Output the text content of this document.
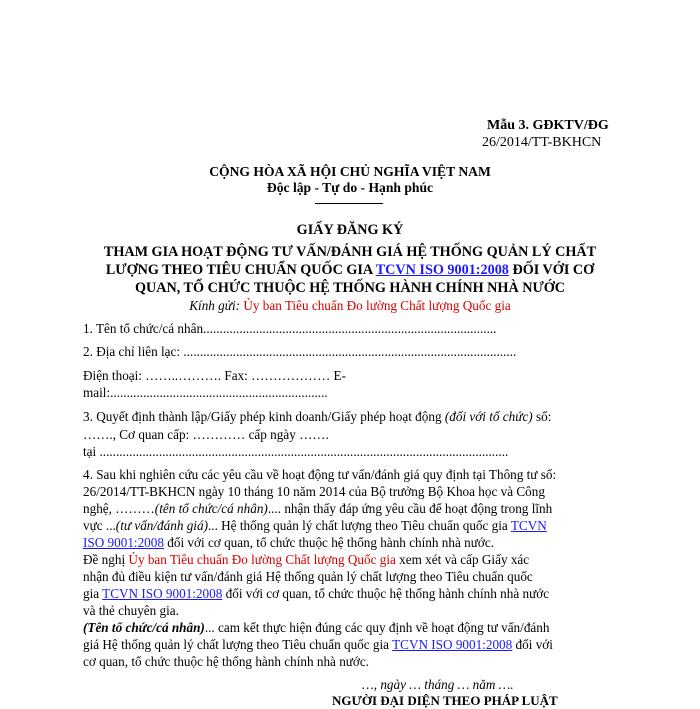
Mẫu 3. GĐKTV/ĐG
26/2014/TT-BKHCN
CỘNG HÒA XÃ HỘI CHỦ NGHĨA VIỆT NAM
Độc lập - Tự do - Hạnh phúc
GIẤY ĐĂNG KÝ
THAM GIA HOẠT ĐỘNG TƯ VẤN/ĐÁNH GIÁ HỆ THỐNG QUẢN LÝ CHẤT
LƯỢNG THEO TIÊU CHUẨN QUỐC GIA TCVN ISO 9001:2008 ĐỐI VỚI CƠ
QUAN, TỔ CHỨC THUỘC HỆ THỐNG HÀNH CHÍNH NHÀ NƯỚC
Kính gửi: Ủy ban Tiêu chuẩn Đo lường Chất lượng Quốc gia
1. Tên tổ chức/cá nhân.........................................................................................
2. Địa chỉ liên lạc: .....................................................................................................
Điện thoại: ……..………. Fax: ……………… E-
mail:..................................................................
3. Quyết định thành lập/Giấy phép kinh doanh/Giấy phép hoạt động (đối với tổ chức) số:
……., Cơ quan cấp: ………… cấp ngày …….
tại ............................................................................................................................
4. Sau khi nghiên cứu các yêu cầu về hoạt động tư vấn/đánh giá quy định tại Thông tư số:
26/2014/TT-BKHCN ngày 10 tháng 10 năm 2014 của Bộ trưởng Bộ Khoa học và Công
nghệ, ………(tên tổ chức/cá nhân).... nhận thấy đáp ứng yêu cầu để hoạt động trong lĩnh
vực ...(tư vấn/đánh giá)... Hệ thống quản lý chất lượng theo Tiêu chuẩn quốc gia TCVN
ISO 9001:2008 đối với cơ quan, tổ chức thuộc hệ thống hành chính nhà nước.
Đề nghị Ủy ban Tiêu chuẩn Đo lường Chất lượng Quốc gia xem xét và cấp Giấy xác
nhận đủ điều kiện tư vấn/đánh giá Hệ thống quản lý chất lượng theo Tiêu chuẩn quốc
gia TCVN ISO 9001:2008 đối với cơ quan, tổ chức thuộc hệ thống hành chính nhà nước
và thẻ chuyên gia.
(Tên tổ chức/cá nhân)... cam kết thực hiện đúng các quy định về hoạt động tư vấn/đánh
giá Hệ thống quản lý chất lượng theo Tiêu chuẩn quốc gia TCVN ISO 9001:2008 đối với
cơ quan, tổ chức thuộc hệ thống hành chính nhà nước.
…, ngày … tháng … năm ….
NGƯỜI ĐẠI DIỆN THEO PHÁP LUẬT
